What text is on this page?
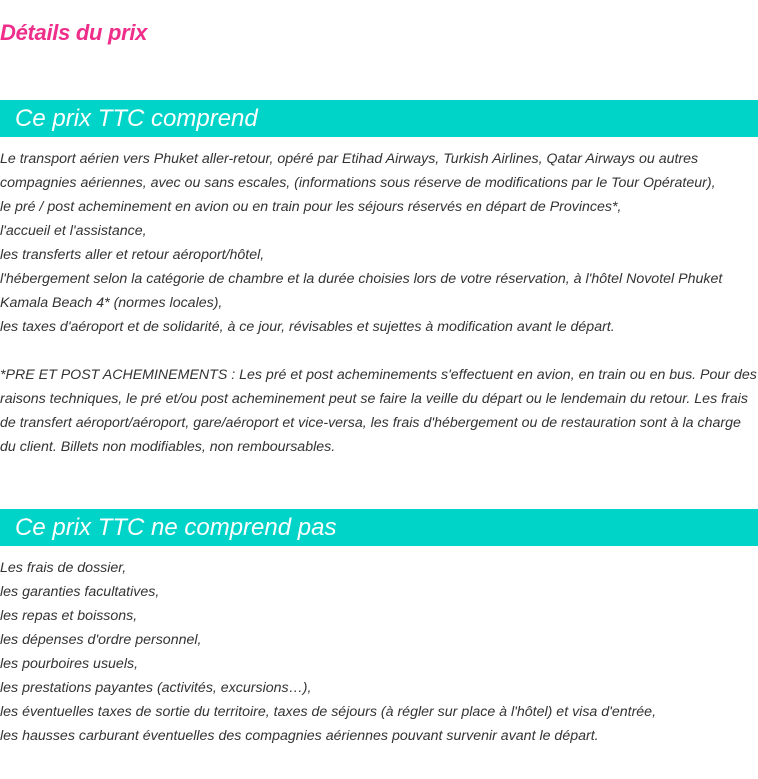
Détails du prix
Ce prix TTC comprend

Le transport aérien vers Phuket aller-retour, opéré par Etihad Airways, Turkish Airlines, Qatar Airways ou autres compagnies aériennes, avec ou sans escales, (informations sous réserve de modifications par le Tour Opérateur),

le pré / post acheminement en avion ou en train pour les séjours réservés en départ de Provinces*,

l'accueil et l'assistance,

les transferts aller et retour aéroport/hôtel,

l'hébergement selon la catégorie de chambre et la durée choisies lors de votre réservation, à l'hôtel Novotel Phuket Kamala Beach 4* (normes locales),

les taxes d'aéroport et de solidarité, à ce jour, révisables et sujettes à modification avant le départ.

*PRE ET POST ACHEMINEMENTS : Les pré et post acheminements s'effectuent en avion, en train ou en bus. Pour des raisons techniques, le pré et/ou post acheminement peut se faire la veille du départ ou le lendemain du retour. Les frais de transfert aéroport/aéroport, gare/aéroport et vice-versa, les frais d'hébergement ou de restauration sont à la charge du client. Billets non modifiables, non remboursables.

Ce prix TTC ne comprend pas

Les frais de dossier,

les garanties facultatives,

les repas et boissons,

les dépenses d'ordre personnel,

les pourboires usuels,

les prestations payantes (activités, excursions…),

les éventuelles taxes de sortie du territoire, taxes de séjours (à régler sur place à l'hôtel) et visa d'entrée,

les hausses carburant éventuelles des compagnies aériennes pouvant survenir avant le départ.
